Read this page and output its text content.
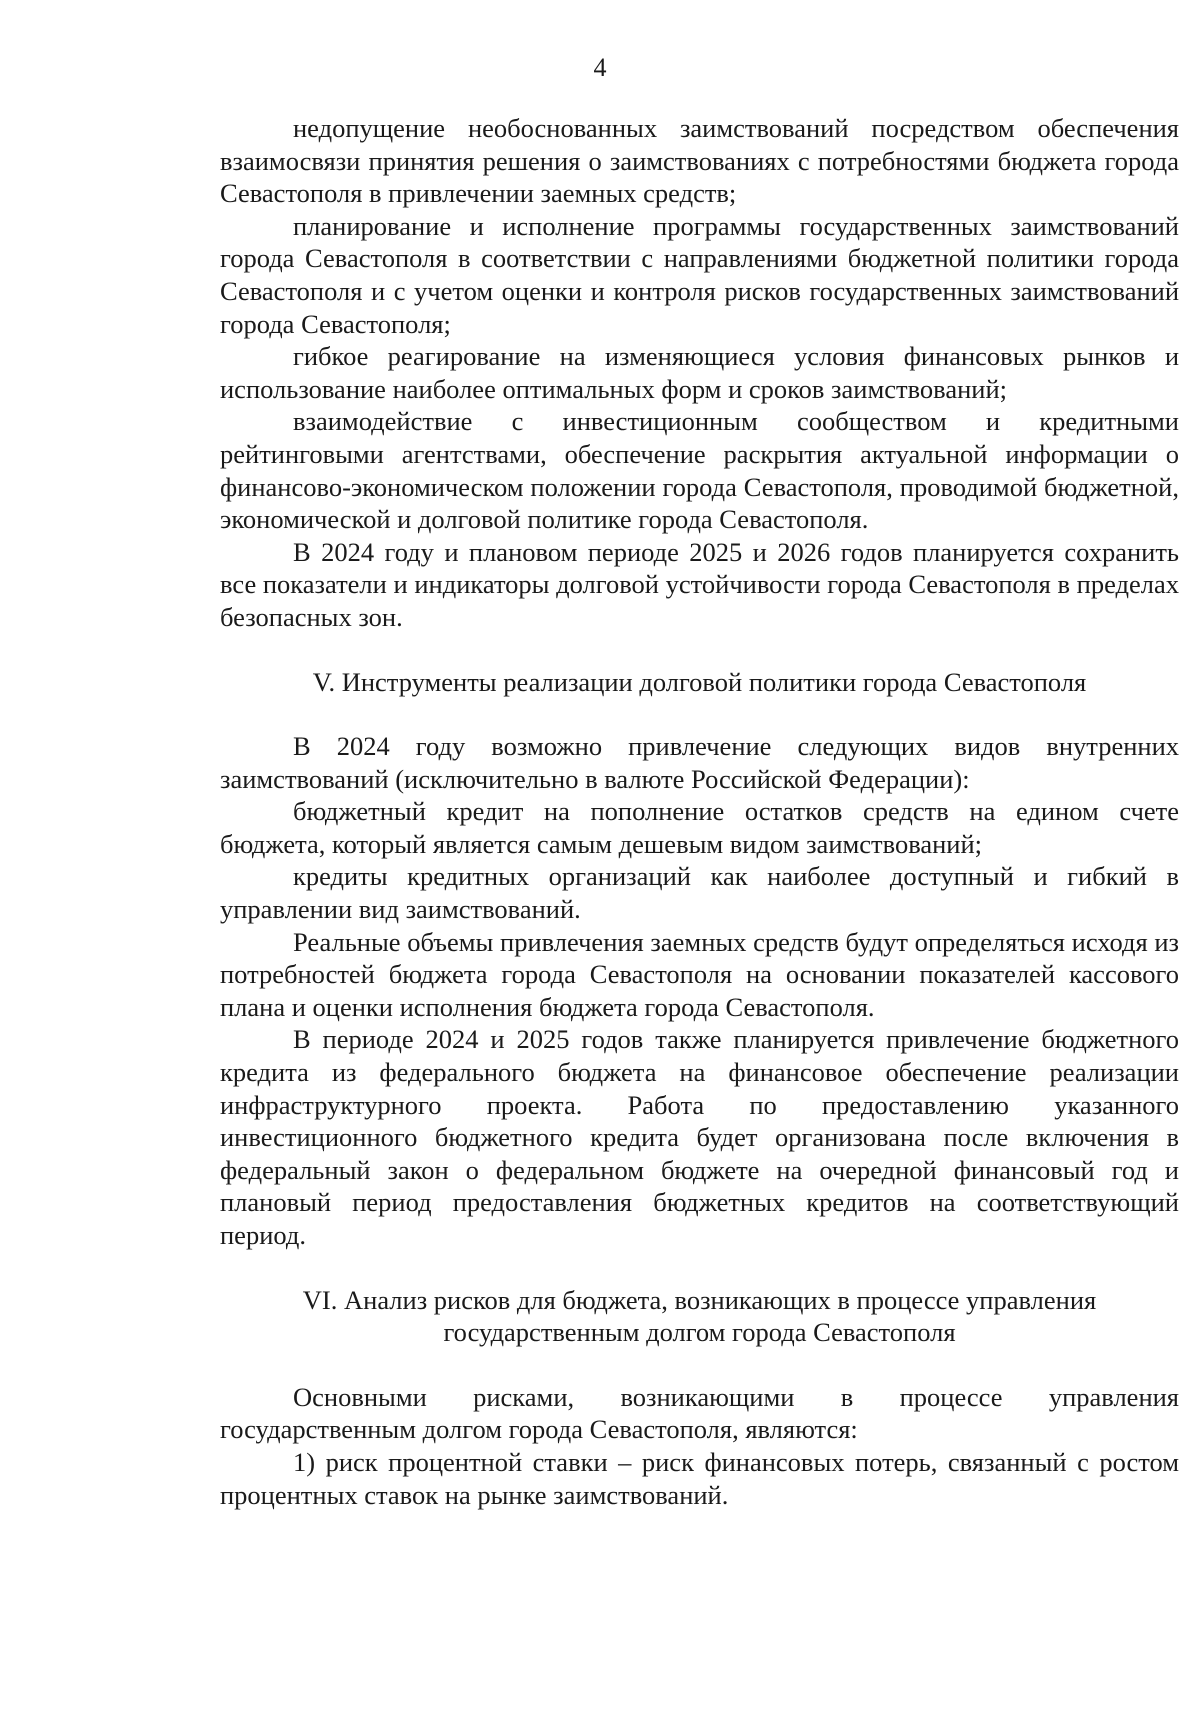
4

недопущение необоснованных заимствований посредством обеспечения взаимосвязи принятия решения о заимствованиях с потребностями бюджета города Севастополя в привлечении заемных средств;

планирование и исполнение программы государственных заимствований города Севастополя в соответствии с направлениями бюджетной политики города Севастополя и с учетом оценки и контроля рисков государственных заимствований города Севастополя;

гибкое реагирование на изменяющиеся условия финансовых рынков и использование наиболее оптимальных форм и сроков заимствований;

взаимодействие с инвестиционным сообществом и кредитными рейтинговыми агентствами, обеспечение раскрытия актуальной информации о финансово-экономическом положении города Севастополя, проводимой бюджетной, экономической и долговой политике города Севастополя.

В 2024 году и плановом периоде 2025 и 2026 годов планируется сохранить все показатели и индикаторы долговой устойчивости города Севастополя в пределах безопасных зон.

V. Инструменты реализации долговой политики города Севастополя

В 2024 году возможно привлечение следующих видов внутренних заимствований (исключительно в валюте Российской Федерации):

бюджетный кредит на пополнение остатков средств на едином счете бюджета, который является самым дешевым видом заимствований;

кредиты кредитных организаций как наиболее доступный и гибкий в управлении вид заимствований.

Реальные объемы привлечения заемных средств будут определяться исходя из потребностей бюджета города Севастополя на основании показателей кассового плана и оценки исполнения бюджета города Севастополя.

В периоде 2024 и 2025 годов также планируется привлечение бюджетного кредита из федерального бюджета на финансовое обеспечение реализации инфраструктурного проекта. Работа по предоставлению указанного инвестиционного бюджетного кредита будет организована после включения в федеральный закон о федеральном бюджете на очередной финансовый год и плановый период предоставления бюджетных кредитов на соответствующий период.

VI. Анализ рисков для бюджета, возникающих в процессе управления

государственным долгом города Севастополя

Основными рисками, возникающими в процессе управления государственным долгом города Севастополя, являются:

1) риск процентной ставки – риск финансовых потерь, связанный с ростом процентных ставок на рынке заимствований.
